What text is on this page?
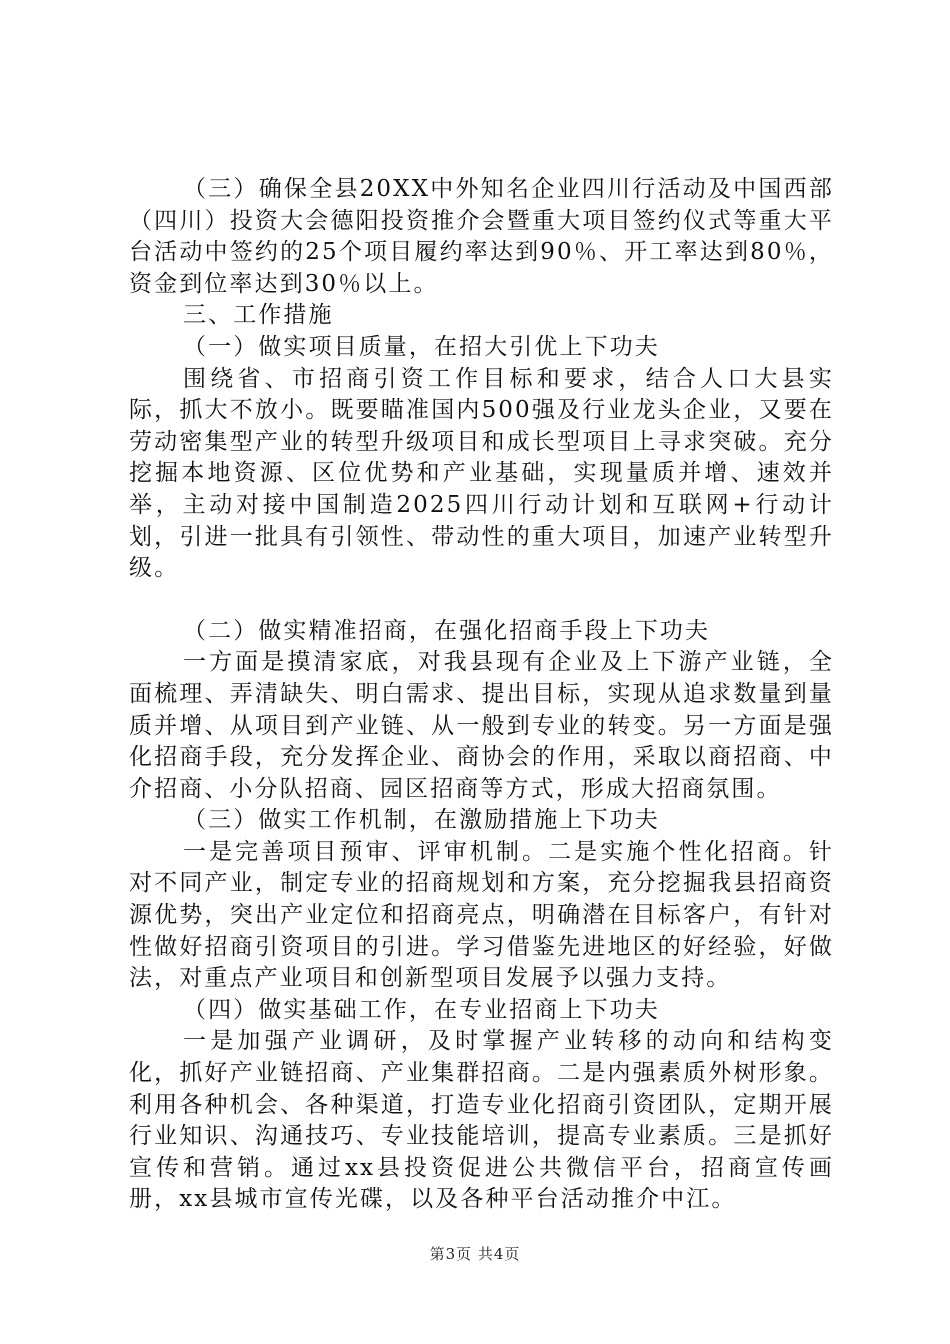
（三）确保全县20XX中外知名企业四川行活动及中国西部（四川）投资大会德阳投资推介会暨重大项目签约仪式等重大平台活动中签约的25个项目履约率达到90％、开工率达到80％，资金到位率达到30％以上。

三、工作措施

（一）做实项目质量，在招大引优上下功夫

围绕省、市招商引资工作目标和要求，结合人口大县实际，抓大不放小。既要瞄准国内500强及行业龙头企业，又要在劳动密集型产业的转型升级项目和成长型项目上寻求突破。充分挖掘本地资源、区位优势和产业基础，实现量质并增、速效并举，主动对接中国制造2025四川行动计划和互联网+行动计划，引进一批具有引领性、带动性的重大项目，加速产业转型升级。

（二）做实精准招商，在强化招商手段上下功夫

一方面是摸清家底，对我县现有企业及上下游产业链，全面梳理、弄清缺失、明白需求、提出目标，实现从追求数量到量质并增、从项目到产业链、从一般到专业的转变。另一方面是强化招商手段，充分发挥企业、商协会的作用，采取以商招商、中介招商、小分队招商、园区招商等方式，形成大招商氛围。

（三）做实工作机制，在激励措施上下功夫

一是完善项目预审、评审机制。二是实施个性化招商。针对不同产业，制定专业的招商规划和方案，充分挖掘我县招商资源优势，突出产业定位和招商亮点，明确潜在目标客户，有针对性做好招商引资项目的引进。学习借鉴先进地区的好经验，好做法，对重点产业项目和创新型项目发展予以强力支持。

（四）做实基础工作，在专业招商上下功夫

一是加强产业调研，及时掌握产业转移的动向和结构变化，抓好产业链招商、产业集群招商。二是内强素质外树形象。利用各种机会、各种渠道，打造专业化招商引资团队，定期开展行业知识、沟通技巧、专业技能培训，提高专业素质。三是抓好宣传和营销。通过xx县投资促进公共微信平台，招商宣传画册，xx县城市宣传光碟，以及各种平台活动推介中江。

第3页 共4页
